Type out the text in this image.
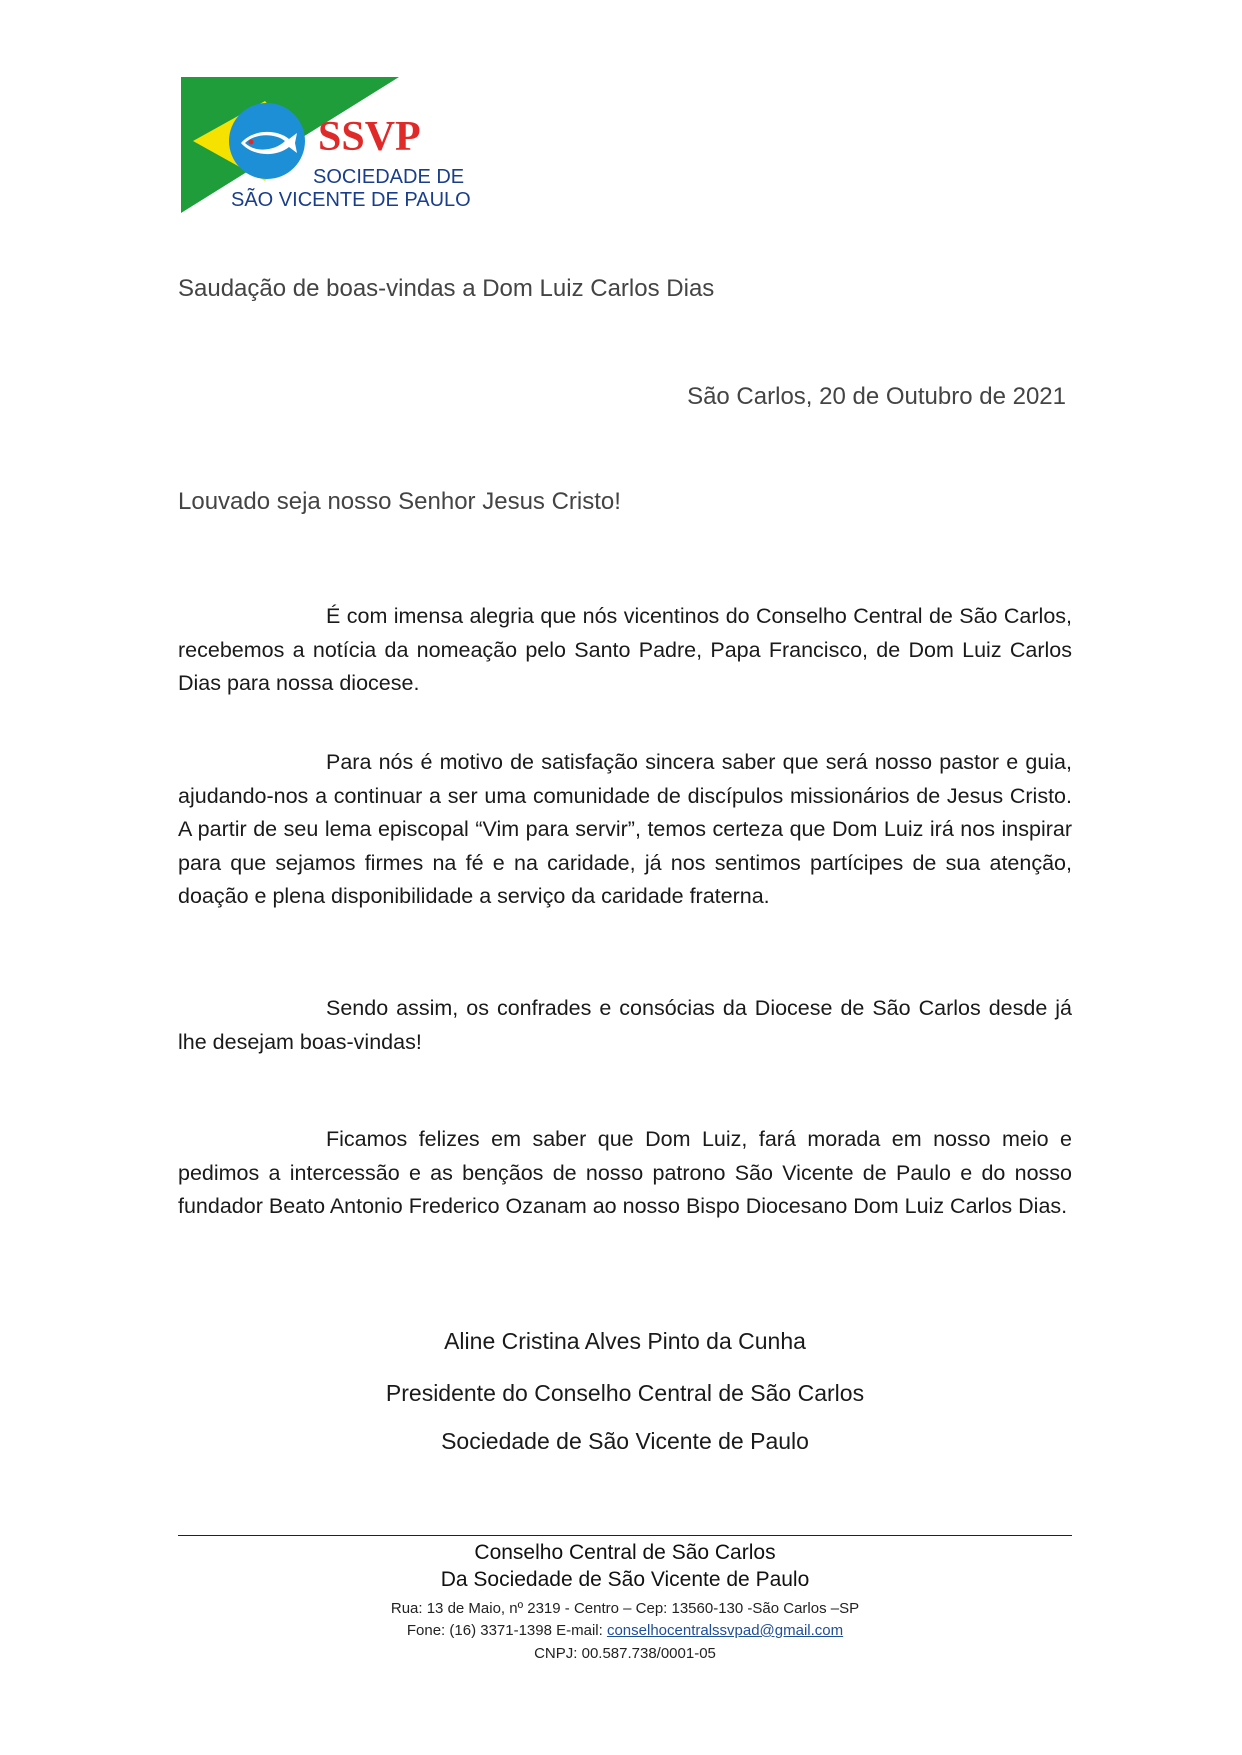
SSVP
SOCIEDADE DE
SÃO VICENTE DE PAULO
Saudação de boas-vindas a Dom Luiz Carlos Dias
São Carlos, 20 de Outubro de 2021
Louvado seja nosso Senhor Jesus Cristo!
É com imensa alegria que nós vicentinos do Conselho Central de São Carlos, recebemos a notícia da nomeação pelo Santo Padre, Papa Francisco, de Dom Luiz Carlos Dias para nossa diocese.
Para nós é motivo de satisfação sincera saber que será nosso pastor e guia, ajudando-nos a continuar a ser uma comunidade de discípulos missionários de Jesus Cristo. A partir de seu lema episcopal “Vim para servir”, temos certeza que Dom Luiz irá nos inspirar para que sejamos firmes na fé e na caridade, já nos sentimos partícipes de sua atenção, doação e plena disponibilidade a serviço da caridade fraterna.
Sendo assim, os confrades e consócias da Diocese de São Carlos desde já lhe desejam boas-vindas!
Ficamos felizes em saber que Dom Luiz, fará morada em nosso meio e pedimos a intercessão e as bençãos de nosso patrono São Vicente de Paulo e do nosso fundador Beato Antonio Frederico Ozanam ao nosso Bispo Diocesano Dom Luiz Carlos Dias.
Aline Cristina Alves Pinto da Cunha
Presidente do Conselho Central de São Carlos
Sociedade de São Vicente de Paulo
Conselho Central de São Carlos
Da Sociedade de São Vicente de Paulo
Rua: 13 de Maio, nº 2319 - Centro – Cep: 13560-130 -São Carlos –SP
Fone: (16) 3371-1398 E-mail: conselhocentralssvpad@gmail.com
CNPJ: 00.587.738/0001-05
